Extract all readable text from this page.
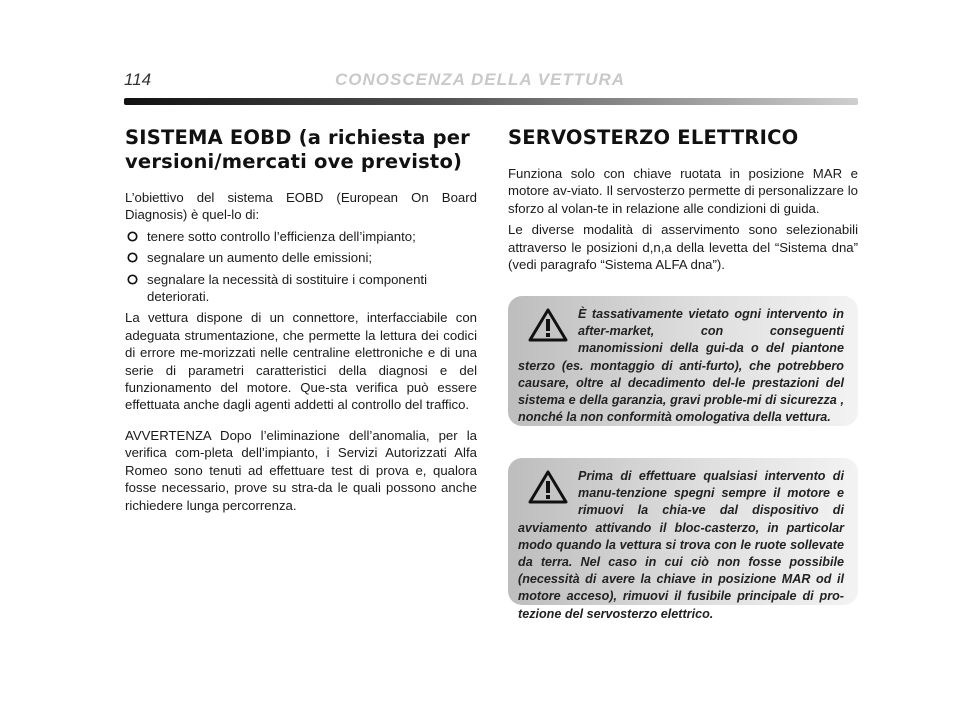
114	CONOSCENZA DELLA VETTURA
SISTEMA EOBD (a richiesta per
versioni/mercati ove previsto)

L’obiettivo del sistema EOBD (European On Board Diagnosis) è quel-lo di:

tenere sotto controllo l’efficienza dell’impianto;
segnalare un aumento delle emissioni;
segnalare la necessità di sostituire i componenti deteriorati.

La vettura dispone di un connettore, interfacciabile con adeguata strumentazione, che permette la lettura dei codici di errore me-morizzati nelle centraline elettroniche e di una serie di parametri caratteristici della diagnosi e del funzionamento del motore. Que-sta verifica può essere effettuata anche dagli agenti addetti al controllo del traffico.

AVVERTENZA Dopo l’eliminazione dell’anomalia, per la verifica com-pleta dell’impianto, i Servizi Autorizzati Alfa Romeo sono tenuti ad effettuare test di prova e, qualora fosse necessario, prove su stra-da le quali possono anche richiedere lunga percorrenza.

SERVOSTERZO ELETTRICO

Funziona solo con chiave ruotata in posizione MAR e motore av-viato. Il servosterzo permette di personalizzare lo sforzo al volan-te in relazione alle condizioni di guida.

Le diverse modalità di asservimento sono selezionabili attraverso le posizioni d,n,a della levetta del “Sistema dna” (vedi paragrafo “Sistema ALFA dna”).

È tassativamente vietato ogni intervento in after-market, con conseguenti manomissioni della gui-da o del piantone sterzo (es. montaggio di anti-furto), che potrebbero causare, oltre al decadimento del-le prestazioni del sistema e della garanzia, gravi proble-mi di sicurezza , nonché la non conformità omologativa della vettura.
Prima di effettuare qualsiasi intervento di manu-tenzione spegni sempre il motore e rimuovi la chia-ve dal dispositivo di avviamento attivando il bloc-casterzo, in particolar modo quando la vettura si trova con le ruote sollevate da terra. Nel caso in cui ciò non fosse possibile (necessità di avere la chiave in posizione MAR od il motore acceso), rimuovi il fusibile principale di pro-tezione del servosterzo elettrico.
